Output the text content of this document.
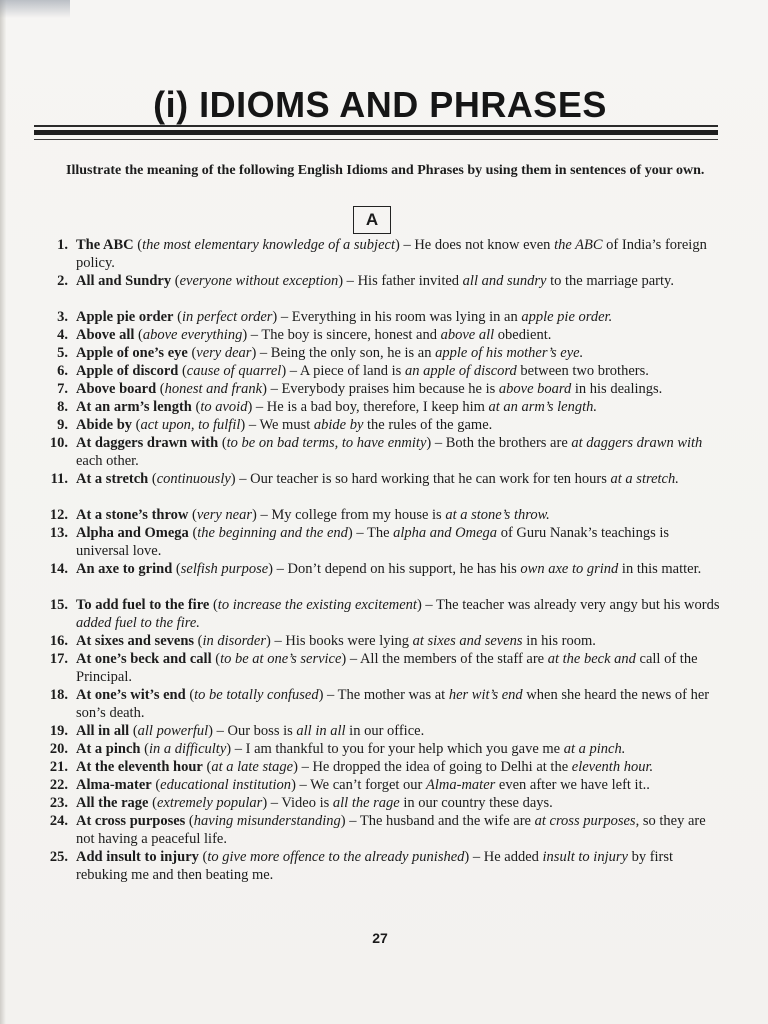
(i) IDIOMS AND PHRASES
Illustrate the meaning of the following English Idioms and Phrases by using them in sentences of your own.
A
1. The ABC (the most elementary knowledge of a subject) – He does not know even the ABC of India’s foreign policy.
2. All and Sundry (everyone without exception) – His father invited all and sundry to the marriage party.
3. Apple pie order (in perfect order) – Everything in his room was lying in an apple pie order.
4. Above all (above everything) – The boy is sincere, honest and above all obedient.
5. Apple of one’s eye (very dear) – Being the only son, he is an apple of his mother’s eye.
6. Apple of discord (cause of quarrel) – A piece of land is an apple of discord between two brothers.
7. Above board (honest and frank) – Everybody praises him because he is above board in his dealings.
8. At an arm’s length (to avoid) – He is a bad boy, therefore, I keep him at an arm’s length.
9. Abide by (act upon, to fulfil) – We must abide by the rules of the game.
10. At daggers drawn with (to be on bad terms, to have enmity) – Both the brothers are at daggers drawn with each other.
11. At a stretch (continuously) – Our teacher is so hard working that he can work for ten hours at a stretch.
12. At a stone’s throw (very near) – My college from my house is at a stone’s throw.
13. Alpha and Omega (the beginning and the end) – The alpha and Omega of Guru Nanak’s teachings is universal love.
14. An axe to grind (selfish purpose) – Don’t depend on his support, he has his own axe to grind in this matter.
15. To add fuel to the fire (to increase the existing excitement) – The teacher was already very angy but his words added fuel to the fire.
16. At sixes and sevens (in disorder) – His books were lying at sixes and sevens in his room.
17. At one’s beck and call (to be at one’s service) – All the members of the staff are at the beck and call of the Principal.
18. At one’s wit’s end (to be totally confused) – The mother was at her wit’s end when she heard the news of her son’s death.
19. All in all (all powerful) – Our boss is all in all in our office.
20. At a pinch (in a difficulty) – I am thankful to you for your help which you gave me at a pinch.
21. At the eleventh hour (at a late stage) – He dropped the idea of going to Delhi at the eleventh hour.
22. Alma-mater (educational institution) – We can’t forget our Alma-mater even after we have left it..
23. All the rage (extremely popular) – Video is all the rage in our country these days.
24. At cross purposes (having misunderstanding) – The husband and the wife are at cross purposes, so they are not having a peaceful life.
25. Add insult to injury (to give more offence to the already punished) – He added insult to injury by first rebuking me and then beating me.
27
